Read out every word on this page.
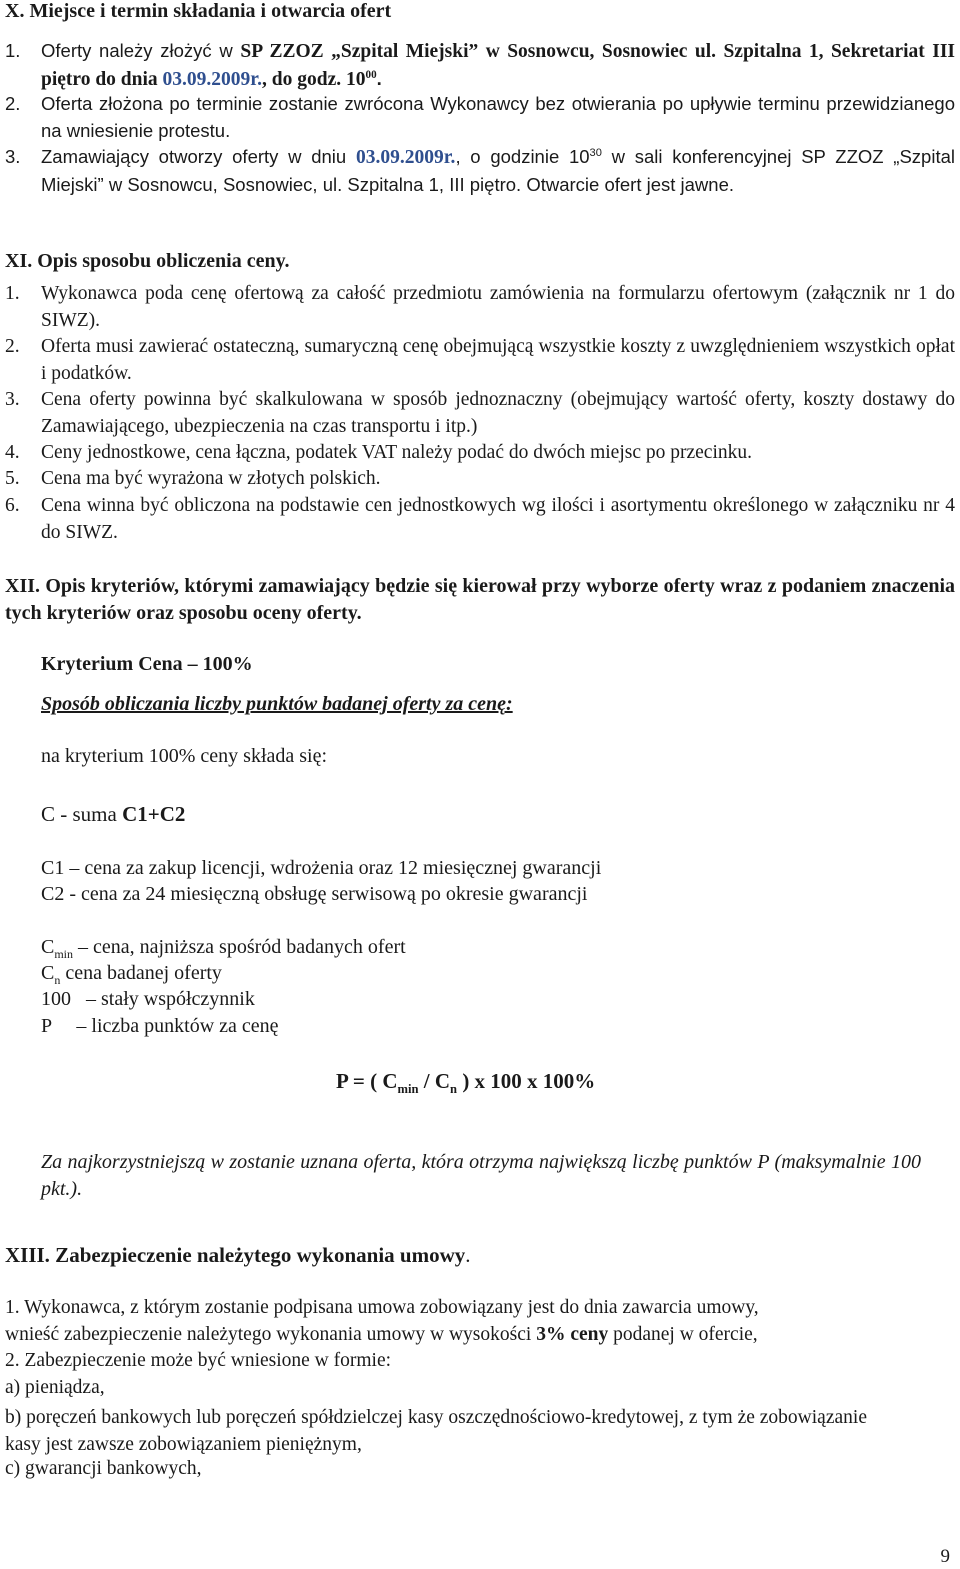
X. Miejsce i termin składania i otwarcia ofert
1. Oferty należy złożyć w SP ZZOZ „Szpital Miejski” w Sosnowcu, Sosnowiec ul. Szpitalna 1, Sekretariat III piętro do dnia 03.09.2009r., do godz. $10^{00}$.
2. Oferta złożona po terminie zostanie zwrócona Wykonawcy bez otwierania po upływie terminu przewidzianego na wniesienie protestu.
3. Zamawiający otworzy oferty w dniu 03.09.2009r., o godzinie $10^{30}$ w sali konferencyjnej SP ZZOZ „Szpital Miejski” w Sosnowcu, Sosnowiec, ul. Szpitalna 1, III piętro. Otwarcie ofert jest jawne.
XI. Opis sposobu obliczenia ceny.
1. Wykonawca poda cenę ofertową za całość przedmiotu zamówienia na formularzu ofertowym (załącznik nr 1 do SIWZ).
2. Oferta musi zawierać ostateczną, sumaryczną cenę obejmującą wszystkie koszty z uwzględnieniem wszystkich opłat i podatków.
3. Cena oferty powinna być skalkulowana w sposób jednoznaczny (obejmujący wartość oferty, koszty dostawy do Zamawiającego, ubezpieczenia na czas transportu i itp.)
4. Ceny jednostkowe, cena łączna, podatek VAT należy podać do dwóch miejsc po przecinku.
5. Cena ma być wyrażona w złotych polskich.
6. Cena winna być obliczona na podstawie cen jednostkowych wg ilości i asortymentu określonego w załączniku nr 4 do SIWZ.
XII. Opis kryteriów, którymi zamawiający będzie się kierował przy wyborze oferty wraz z podaniem znaczenia tych kryteriów oraz sposobu oceny oferty.
Kryterium Cena – 100%
Sposób obliczania liczby punktów badanej oferty za cenę:
na kryterium 100% ceny składa się:
C - suma C1+C2
C1 – cena za zakup licencji, wdrożenia oraz 12 miesięcznej gwarancji
C2 - cena za 24 miesięczną obsługę serwisową po okresie gwarancji
$C_{min}$ – cena, najniższa spośród badanych ofert
$C_n$ cena badanej oferty
100   – stały współczynnik
P     – liczba punktów za cenę
P = ( $C_{min} / C_n$ ) x 100 x 100%
Za najkorzystniejszą w zostanie uznana oferta, która otrzyma największą liczbę punktów P (maksymalnie 100 pkt.).
XIII. Zabezpieczenie należytego wykonania umowy.
1. Wykonawca, z którym zostanie podpisana umowa zobowiązany jest do dnia zawarcia umowy,
wnieść zabezpieczenie należytego wykonania umowy w wysokości 3% ceny podanej w ofercie,
2. Zabezpieczenie może być wniesione w formie:
a) pieniądza,
b) poręczeń bankowych lub poręczeń spółdzielczej kasy oszczędnościowo-kredytowej, z tym że zobowiązanie kasy jest zawsze zobowiązaniem pieniężnym,
c) gwarancji bankowych,
9
